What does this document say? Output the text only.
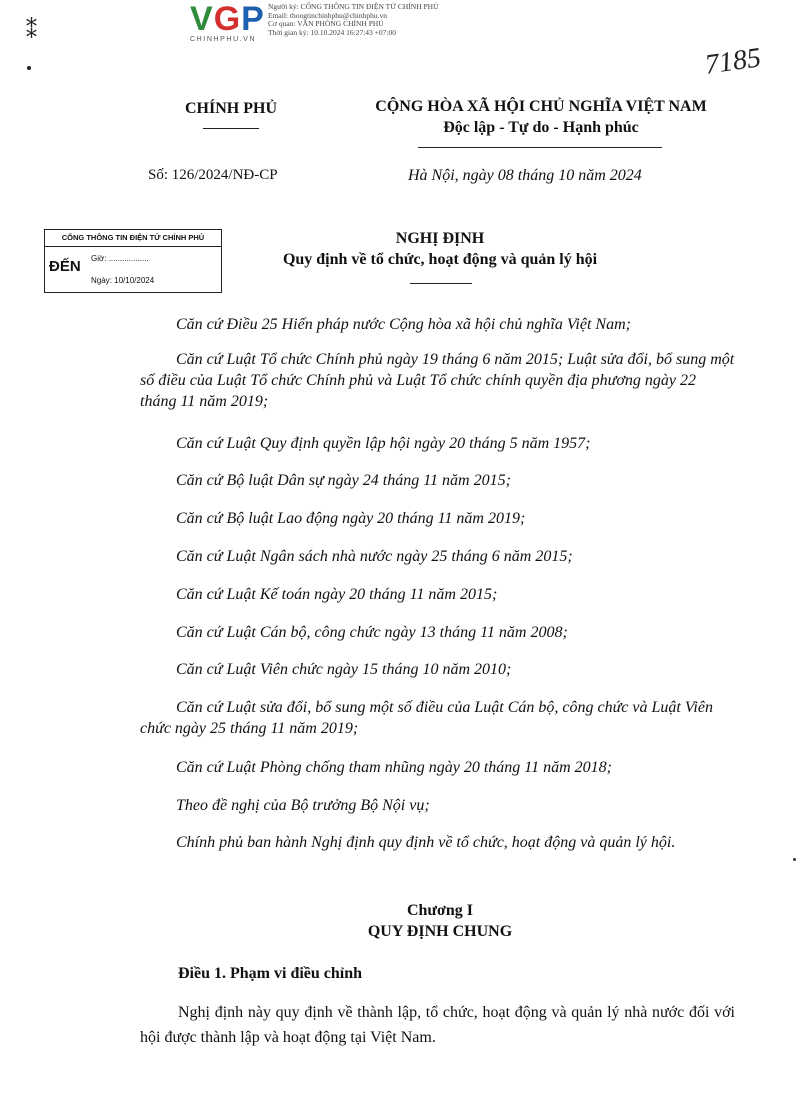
VGP
CHINHPHU.VN
Người ký: CỔNG THÔNG TIN ĐIỆN TỬ CHÍNH PHỦ
Email: thongtinchinhphu@chinhphu.vn
Cơ quan: VĂN PHÒNG CHÍNH PHỦ
Thời gian ký: 10.10.2024 16:27:43 +07:00
⁑
7185
CHÍNH PHỦ	CỘNG HÒA XÃ HỘI CHỦ NGHĨA VIỆT NAM
Độc lập - Tự do - Hạnh phúc
Số: 126/2024/NĐ-CP	Hà Nội, ngày 08 tháng 10 năm 2024
CỔNG THÔNG TIN ĐIỆN TỬ CHÍNH PHỦ
ĐẾN Giờ: ..................
Ngày: 10/10/2024
NGHỊ ĐỊNH
Quy định về tổ chức, hoạt động và quản lý hội
Căn cứ Điều 25 Hiến pháp nước Cộng hòa xã hội chủ nghĩa Việt Nam;
Căn cứ Luật Tổ chức Chính phủ ngày 19 tháng 6 năm 2015; Luật sửa đổi, bổ sung một số điều của Luật Tổ chức Chính phủ và Luật Tổ chức chính quyền địa phương ngày 22 tháng 11 năm 2019;
Căn cứ Luật Quy định quyền lập hội ngày 20 tháng 5 năm 1957;
Căn cứ Bộ luật Dân sự ngày 24 tháng 11 năm 2015;
Căn cứ Bộ luật Lao động ngày 20 tháng 11 năm 2019;
Căn cứ Luật Ngân sách nhà nước ngày 25 tháng 6 năm 2015;
Căn cứ Luật Kế toán ngày 20 tháng 11 năm 2015;
Căn cứ Luật Cán bộ, công chức ngày 13 tháng 11 năm 2008;
Căn cứ Luật Viên chức ngày 15 tháng 10 năm 2010;
Căn cứ Luật sửa đổi, bổ sung một số điều của Luật Cán bộ, công chức và Luật Viên chức ngày 25 tháng 11 năm 2019;
Căn cứ Luật Phòng chống tham nhũng ngày 20 tháng 11 năm 2018;
Theo đề nghị của Bộ trưởng Bộ Nội vụ;
Chính phủ ban hành Nghị định quy định về tổ chức, hoạt động và quản lý hội.
Chương I
QUY ĐỊNH CHUNG
Điều 1. Phạm vi điều chỉnh
Nghị định này quy định về thành lập, tổ chức, hoạt động và quản lý nhà nước đối với hội được thành lập và hoạt động tại Việt Nam.
